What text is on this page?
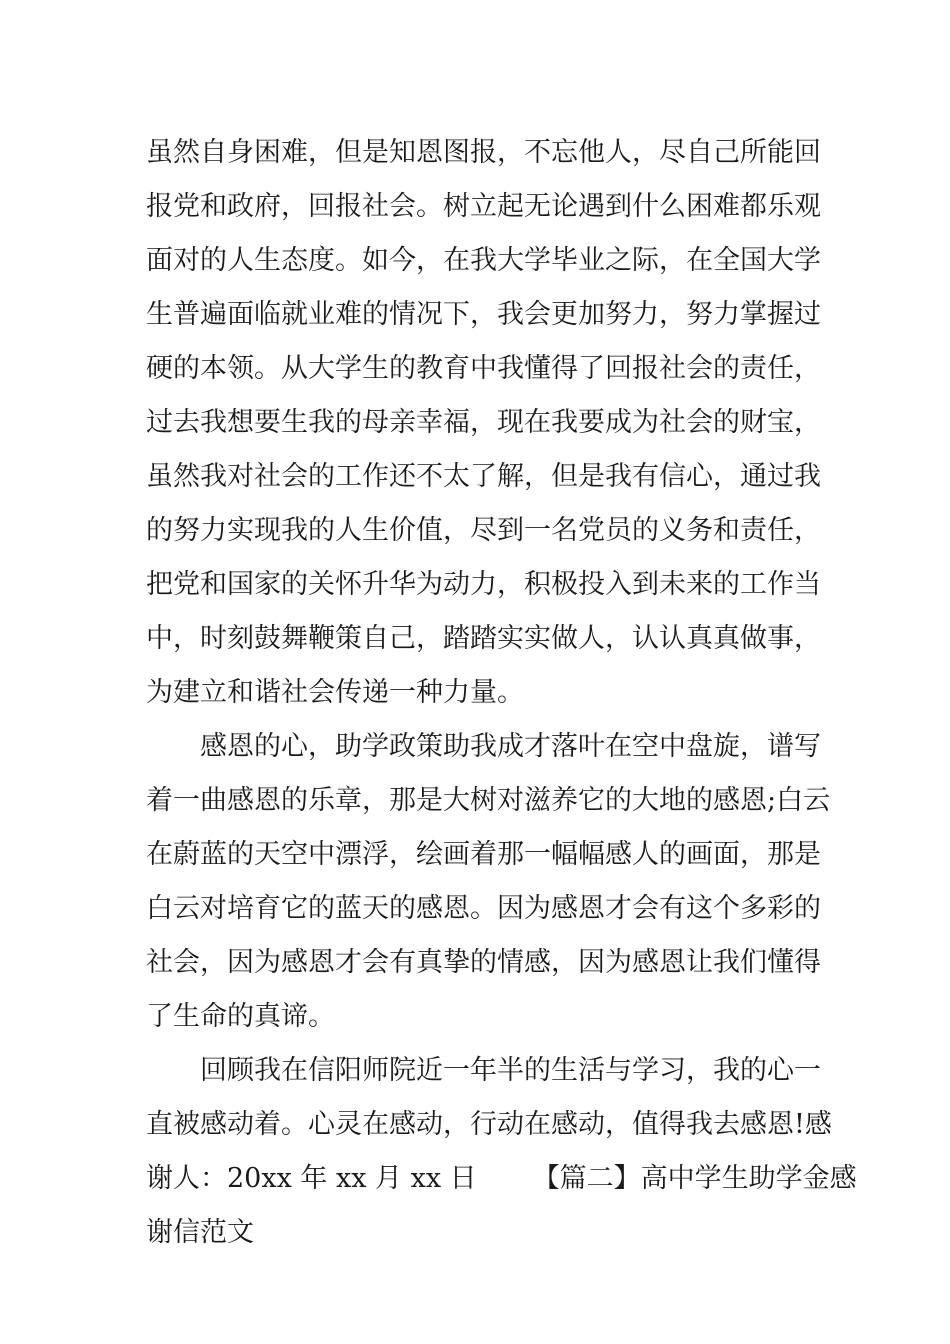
虽然自身困难，但是知恩图报，不忘他人，尽自己所能回
报党和政府，回报社会。树立起无论遇到什么困难都乐观
面对的人生态度。如今，在我大学毕业之际，在全国大学
生普遍面临就业难的情况下，我会更加努力，努力掌握过
硬的本领。从大学生的教育中我懂得了回报社会的责任，
过去我想要生我的母亲幸福，现在我要成为社会的财宝，
虽然我对社会的工作还不太了解，但是我有信心，通过我
的努力实现我的人生价值，尽到一名党员的义务和责任，
把党和国家的关怀升华为动力，积极投入到未来的工作当
中，时刻鼓舞鞭策自己，踏踏实实做人，认认真真做事，
为建立和谐社会传递一种力量。
感恩的心，助学政策助我成才落叶在空中盘旋，谱写
着一曲感恩的乐章，那是大树对滋养它的大地的感恩;白云
在蔚蓝的天空中漂浮，绘画着那一幅幅感人的画面，那是
白云对培育它的蓝天的感恩。因为感恩才会有这个多彩的
社会，因为感恩才会有真挚的情感，因为感恩让我们懂得
了生命的真谛。
回顾我在信阳师院近一年半的生活与学习，我的心一
直被感动着。心灵在感动，行动在感动，值得我去感恩!感
谢人：20xx 年 xx 月 xx 日 【篇二】高中学生助学金感
谢信范文
